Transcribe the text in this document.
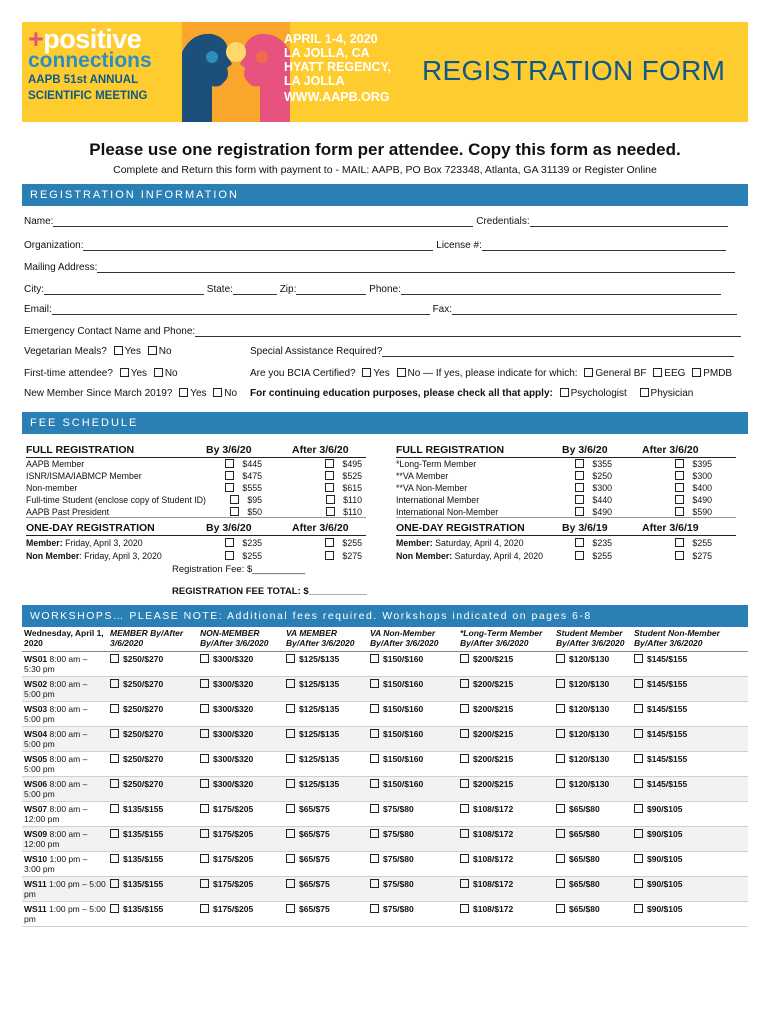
+positive
connections
AAPB 51st ANNUAL
SCIENTIFIC MEETING
APRIL 1-4, 2020
LA JOLLA, CA
HYATT REGENCY,
LA JOLLA
WWW.AAPB.ORG
REGISTRATION FORM
Please use one registration form per attendee. Copy this form as needed.
Complete and Return this form with payment to - MAIL: AAPB, PO Box 723348, Atlanta, GA 31139 or Register Online
REGISTRATION INFORMATION
Name:	Credentials:
Organization:	License #:
Mailing Address:
City:	State:	Zip:	Phone:
Email:	Fax:
Emergency Contact Name and Phone:
Vegetarian Meals? Yes No	Special Assistance Required?
First-time attendee? Yes No	Are you BCIA Certified? Yes No — If yes, please indicate for which: General BF EEG PMDB
New Member Since March 2019? Yes No For continuing education purposes, please check all that apply: Psychologist Physician
FEE SCHEDULE
FULL REGISTRATION	By 3/6/20	After 3/6/20
AAPB Member	$445	$495
ISNR/ISMA/IABMCP Member	$475	$525
Non-member	$555	$615
Full-time Student (enclose copy of Student ID)	$95	$110
AAPB Past President	$50	$110
ONE-DAY REGISTRATION	By 3/6/20	After 3/6/20
Member: Friday, April 3, 2020	$235	$255
Non Member: Friday, April 3, 2020	$255	$275
FULL REGISTRATION	By 3/6/20	After 3/6/20
*Long-Term Member	$355	$395
**VA Member	$250	$300
**VA Non-Member	$300	$400
International Member	$440	$490
International Non-Member	$490	$590
ONE-DAY REGISTRATION	By 3/6/19	After 3/6/19
Member: Saturday, April 4, 2020	$235	$255
Non Member: Saturday, April 4, 2020	$255	$275
Registration Fee: $__________
REGISTRATION FEE TOTAL: $___________
WORKSHOPS… PLEASE NOTE: Additional fees required. Workshops indicated on pages 6-8
Wednesday, April 1, 2020	MEMBER By/After 3/6/2020	NON-MEMBER By/After 3/6/2020	VA MEMBER By/After 3/6/2020	VA Non-Member By/After 3/6/2020	*Long-Term Member By/After 3/6/2020	Student Member By/After 3/6/2020	Student Non-Member By/After 3/6/2020
WS01 8:00 am – 5:30 pm	$250/$270	$300/$320	$125/$135	$150/$160	$200/$215	$120/$130	$145/$155
WS02 8:00 am – 5:00 pm	$250/$270	$300/$320	$125/$135	$150/$160	$200/$215	$120/$130	$145/$155
WS03 8:00 am – 5:00 pm	$250/$270	$300/$320	$125/$135	$150/$160	$200/$215	$120/$130	$145/$155
WS04 8:00 am – 5:00 pm	$250/$270	$300/$320	$125/$135	$150/$160	$200/$215	$120/$130	$145/$155
WS05 8:00 am – 5:00 pm	$250/$270	$300/$320	$125/$135	$150/$160	$200/$215	$120/$130	$145/$155
WS06 8:00 am – 5:00 pm	$250/$270	$300/$320	$125/$135	$150/$160	$200/$215	$120/$130	$145/$155
WS07 8:00 am – 12:00 pm	$135/$155	$175/$205	$65/$75	$75/$80	$108/$172	$65/$80	$90/$105
WS09 8:00 am – 12:00 pm	$135/$155	$175/$205	$65/$75	$75/$80	$108/$172	$65/$80	$90/$105
WS10 1:00 pm – 3:00 pm	$135/$155	$175/$205	$65/$75	$75/$80	$108/$172	$65/$80	$90/$105
WS11 1:00 pm – 5:00 pm	$135/$155	$175/$205	$65/$75	$75/$80	$108/$172	$65/$80	$90/$105
WS11 1:00 pm – 5:00 pm	$135/$155	$175/$205	$65/$75	$75/$80	$108/$172	$65/$80	$90/$105
